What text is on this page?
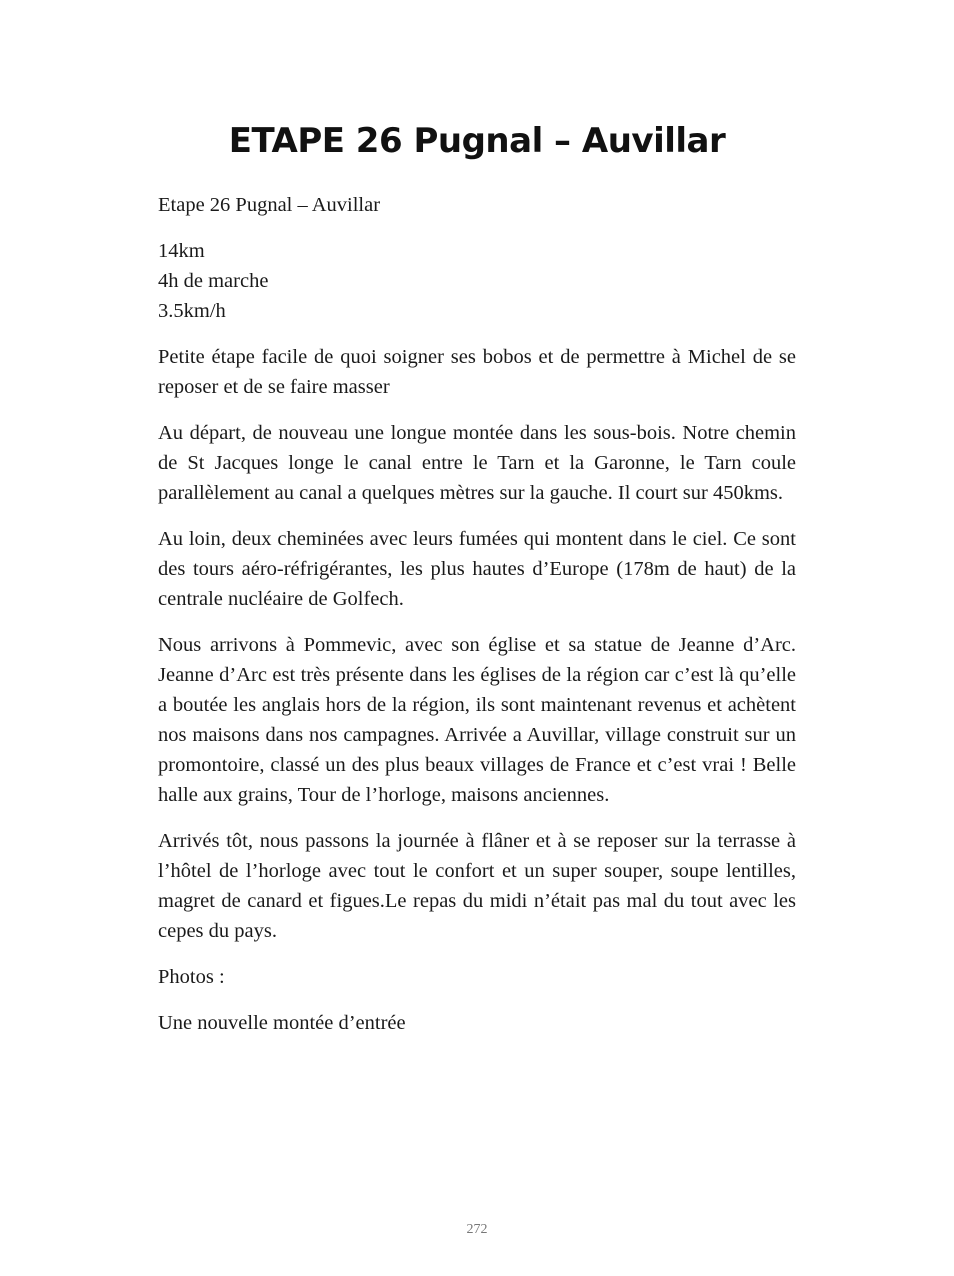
ETAPE 26 Pugnal – Auvillar

Etape 26 Pugnal – Auvillar

14km
4h de marche
3.5km/h

Petite étape facile de quoi soigner ses bobos et de permettre à Michel de se reposer et de se faire masser

Au départ, de nouveau une longue montée dans les sous-bois. Notre chemin de St Jacques longe le canal entre le Tarn et la Garonne, le Tarn coule parallèlement au canal a quelques mètres sur la gauche. Il court sur 450kms.

Au loin, deux cheminées avec leurs fumées qui montent dans le ciel. Ce sont des tours aéro-réfrigérantes, les plus hautes d’Europe (178m de haut) de la centrale nucléaire de Golfech.

Nous arrivons à Pommevic, avec son église et sa statue de Jeanne d’Arc. Jeanne d’Arc est très présente dans les églises de la région car c’est là qu’elle a boutée les anglais hors de la région, ils sont maintenant revenus et achètent nos maisons dans nos campagnes. Arrivée a Auvillar, village construit sur un promontoire, classé un des plus beaux villages de France et c’est vrai ! Belle halle aux grains, Tour de l’horloge, maisons anciennes.

Arrivés tôt, nous passons la journée à flâner et à se reposer sur la terrasse à l’hôtel de l’horloge avec tout le confort et un super souper, soupe lentilles, magret de canard et figues.Le repas du midi n’était pas mal du tout avec les cepes du pays.

Photos :

Une nouvelle montée d’entrée

272
